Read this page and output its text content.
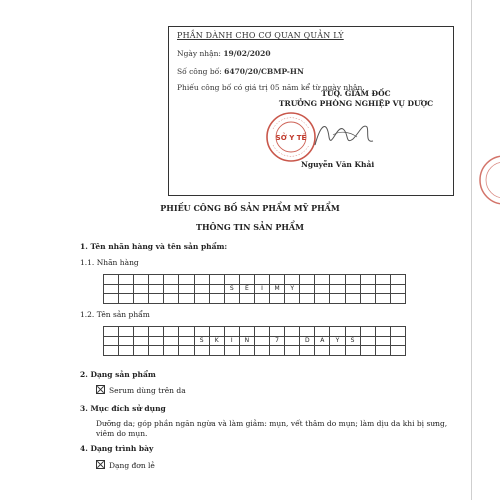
PHẦN DÀNH CHO CƠ QUAN QUẢN LÝ
Ngày nhận: 19/02/2020
Số công bố: 6470/20/CBMP-HN
Phiếu công bố có giá trị 05 năm kể từ ngày nhận.
TUQ. GIÁM ĐỐC
TRƯỞNG PHÒNG NGHIỆP VỤ DƯỢC
SỞ Y TẾ
Nguyễn Văn Khải
PHIẾU CÔNG BỐ SẢN PHẨM MỸ PHẨM
THÔNG TIN SẢN PHẨM
1. Tên nhãn hàng và tên sản phẩm:
1.1. Nhãn hàng

								S	E	I	M	Y							

1.2. Tên sản phẩm

						S	K	I	N		7		D	A	Y	S			

2. Dạng sản phẩm
Serum dùng trên da
3. Mục đích sử dụng
Dưỡng da; góp phần ngăn ngừa và làm giảm: mụn, vết thâm do mụn; làm dịu da khi bị sưng, viêm do mụn.
4. Dạng trình bày
Dạng đơn lẻ
